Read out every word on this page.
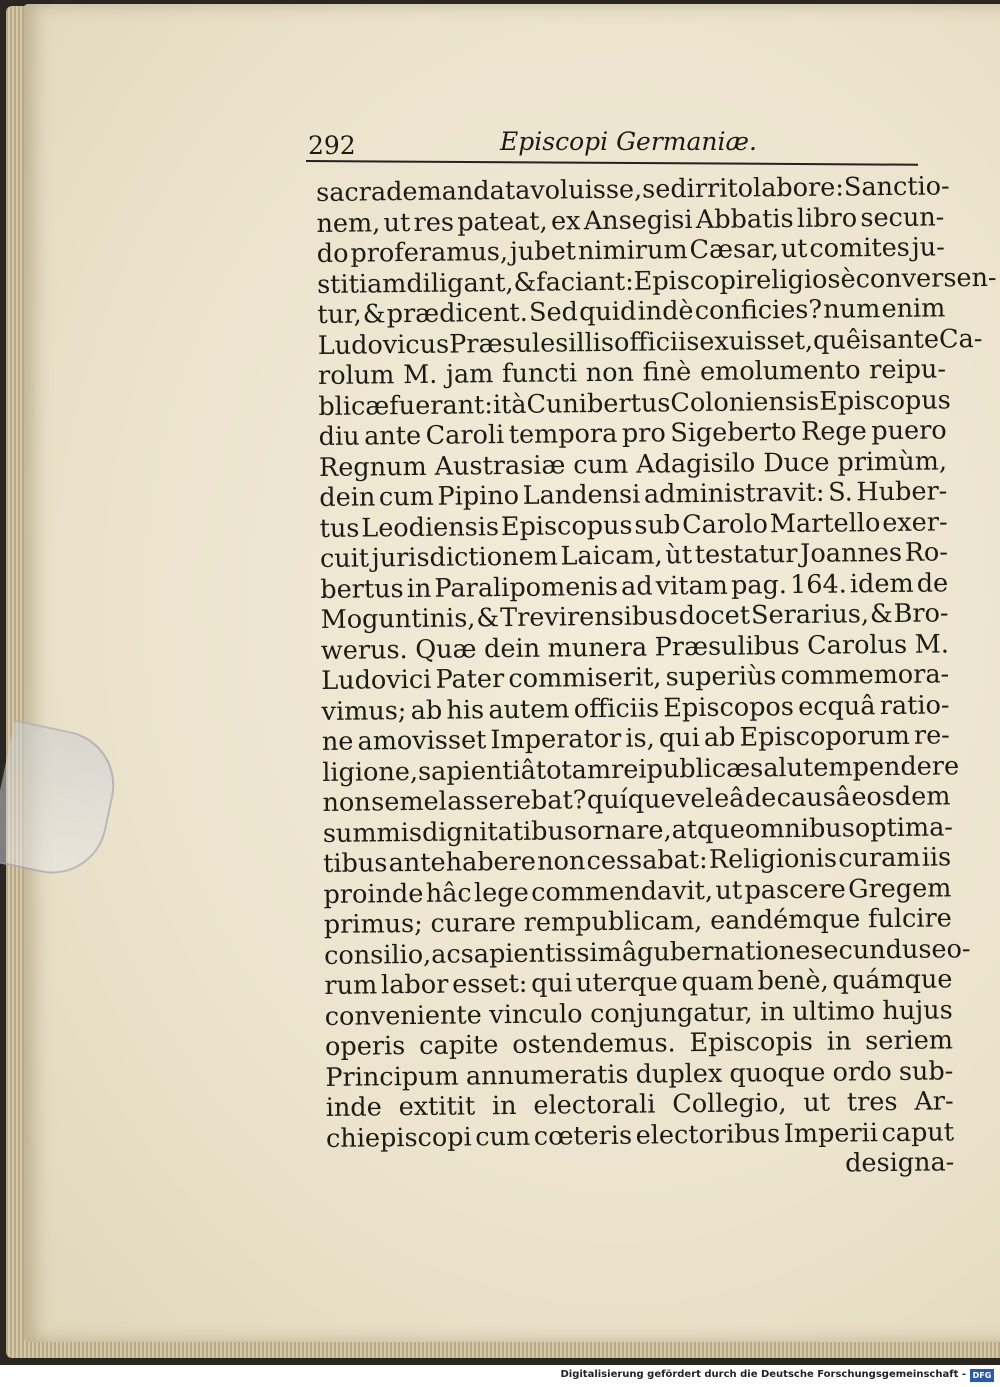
292	Episcopi Germaniæ.
sacra demandata voluisse, sed irrito labore: Sanctio-
nem, ut res pateat, ex Ansegisi Abbatis libro secun-
do proferamus, jubet nimirum Cæsar, ut comites ju-
stitiam diligant, & faciant: Episcopi religiosè conversen-
tur, & prædicent. Sed quid indè conficies? num enim
Ludovicus Præsules illis officiis exuisset, quêis ante Ca-
rolum M. jam functi non finè emolumento reipu-
blicæ fuerant: ità Cunibertus Coloniensis Episcopus
diu ante Caroli tempora pro Sigeberto Rege puero
Regnum Austrasiæ cum Adagisilo Duce primùm,
dein cum Pipino Landensi administravit: S. Huber-
tus Leodiensis Episcopus sub Carolo Martello exer-
cuit jurisdictionem Laicam, ùt testatur Joannes Ro-
bertus in Paralipomenis ad vitam pag. 164. idem de
Moguntinis, & Trevirensibus docet Serarius, & Bro-
werus. Quæ dein munera Præsulibus Carolus M.
Ludovici Pater commiserit, superiùs commemora-
vimus; ab his autem officiis Episcopos ecquâ ratio-
ne amovisset Imperator is, qui ab Episcoporum re-
ligione, sapientiâ totam reipublicæ salutem pendere
non semel asserebat? quíque vel eâ de causâ eosdem
summis dignitatibus ornare, atque omnibus optima-
tibus antehabere non cessabat: Religionis curam iis
proinde hâc lege commendavit, ut pascere Gregem
primus; curare rempublicam, eandémque fulcire
consilio, ac sapientissimâ gubernatione secundus eo-
rum labor esset: qui uterque quam benè, quámque
conveniente vinculo conjungatur, in ultimo hujus
operis capite ostendemus. Episcopis in seriem
Principum annumeratis duplex quoque ordo sub-
inde extitit in electorali Collegio, ut tres Ar-
chiepiscopi cum cœteris electoribus Imperii caput
designa-
Digitalisierung gefördert durch die Deutsche Forschungsgemeinschaft - DFG
